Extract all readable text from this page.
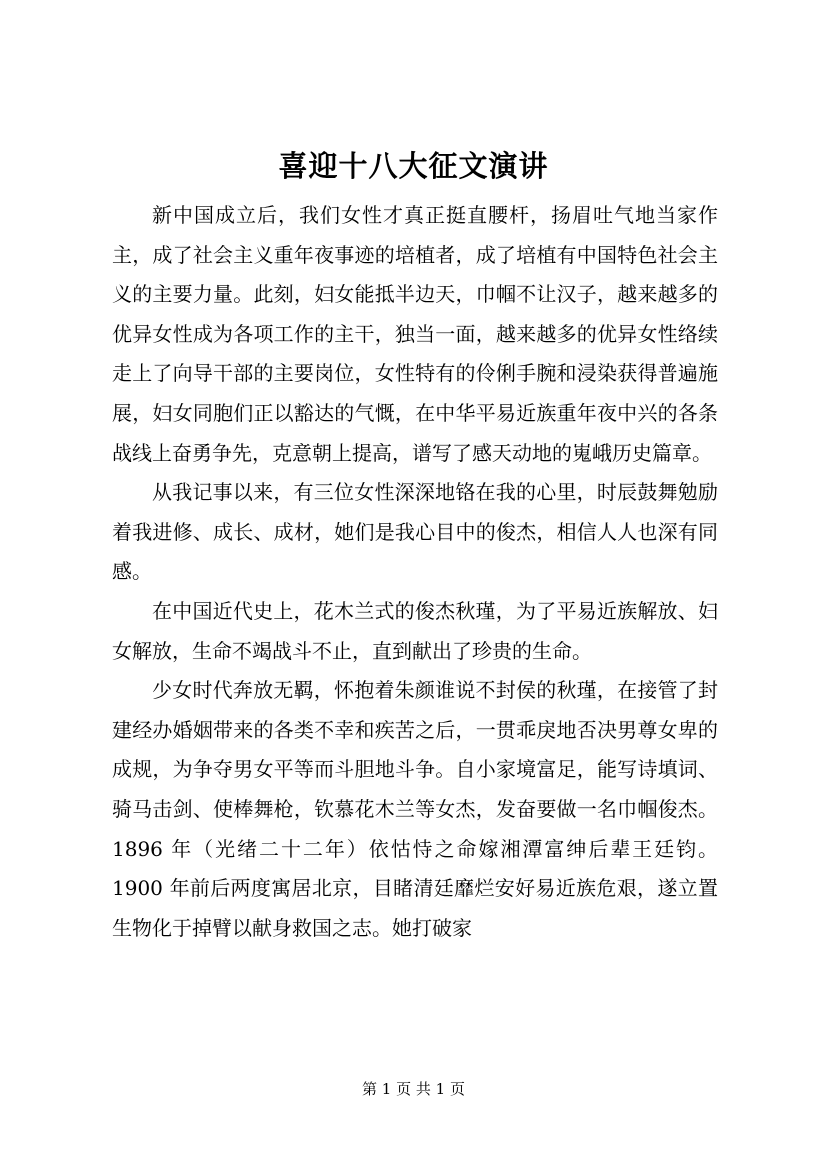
喜迎十八大征文演讲

新中国成立后，我们女性才真正挺直腰杆，扬眉吐气地当家作主，成了社会主义重年夜事迹的培植者，成了培植有中国特色社会主义的主要力量。此刻，妇女能抵半边天，巾帼不让汉子，越来越多的优异女性成为各项工作的主干，独当一面，越来越多的优异女性络续走上了向导干部的主要岗位，女性特有的伶俐手腕和浸染获得普遍施展，妇女同胞们正以豁达的气慨，在中华平易近族重年夜中兴的各条战线上奋勇争先，克意朝上提高，谱写了感天动地的嵬峨历史篇章。

从我记事以来，有三位女性深深地铬在我的心里，时辰鼓舞勉励着我进修、成长、成材，她们是我心目中的俊杰，相信人人也深有同感。

在中国近代史上，花木兰式的俊杰秋瑾，为了平易近族解放、妇女解放，生命不竭战斗不止，直到献出了珍贵的生命。

少女时代奔放无羁，怀抱着朱颜谁说不封侯的秋瑾，在接管了封建经办婚姻带来的各类不幸和疾苦之后，一贯乖戾地否决男尊女卑的成规，为争夺男女平等而斗胆地斗争。自小家境富足，能写诗填词、骑马击剑、使棒舞枪，钦慕花木兰等女杰，发奋要做一名巾帼俊杰。1896 年（光绪二十二年）依怙恃之命嫁湘潭富绅后辈王廷钧。1900 年前后两度寓居北京，目睹清廷靡烂安好易近族危艰，遂立置生物化于掉臂以献身救国之志。她打破家

第 1 页 共 1 页
